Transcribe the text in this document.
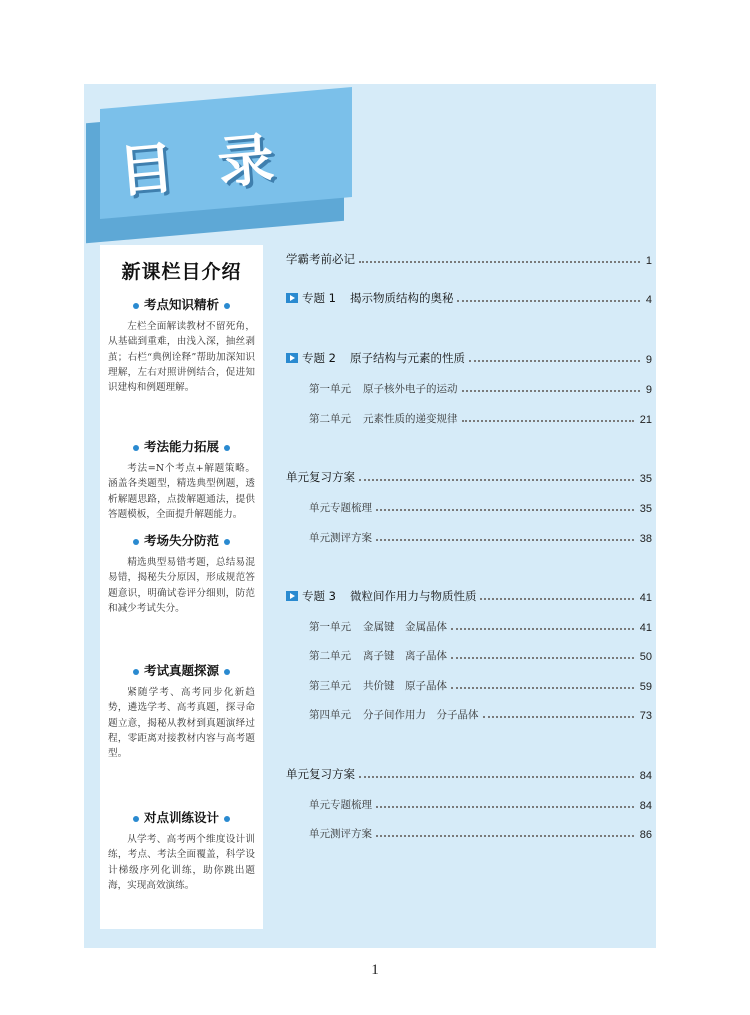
目录
新课栏目介绍
考点知识精析
左栏全面解读教材不留死角，从基础到重难，由浅入深，抽丝剥茧；右栏“典例诠释”帮助加深知识理解，左右对照讲例结合，促进知识建构和例题理解。
考法能力拓展
考法=N个考点+解题策略。涵盖各类题型，精选典型例题，透析解题思路，点拨解题通法，提供答题模板，全面提升解题能力。
考场失分防范
精选典型易错考题，总结易混易错，揭秘失分原因，形成规范答题意识，明确试卷评分细则，防范和减少考试失分。
考试真题探源
紧随学考、高考同步化新趋势，遴选学考、高考真题，探寻命题立意，揭秘从教材到真题演绎过程，零距离对接教材内容与高考题型。
对点训练设计
从学考、高考两个维度设计训练，考点、考法全面覆盖，科学设计梯级序列化训练，助你跳出题海，实现高效演练。
学霸考前必记	1
专题 1 揭示物质结构的奥秘	4
专题 2 原子结构与元素的性质	9
第一单元 原子核外电子的运动	9
第二单元 元素性质的递变规律	21
单元复习方案	35
单元专题梳理	35
单元测评方案	38
专题 3 微粒间作用力与物质性质	41
第一单元 金属键　金属晶体	41
第二单元 离子键　离子晶体	50
第三单元 共价键　原子晶体	59
第四单元 分子间作用力　分子晶体	73
单元复习方案	84
单元专题梳理	84
单元测评方案	86
1
